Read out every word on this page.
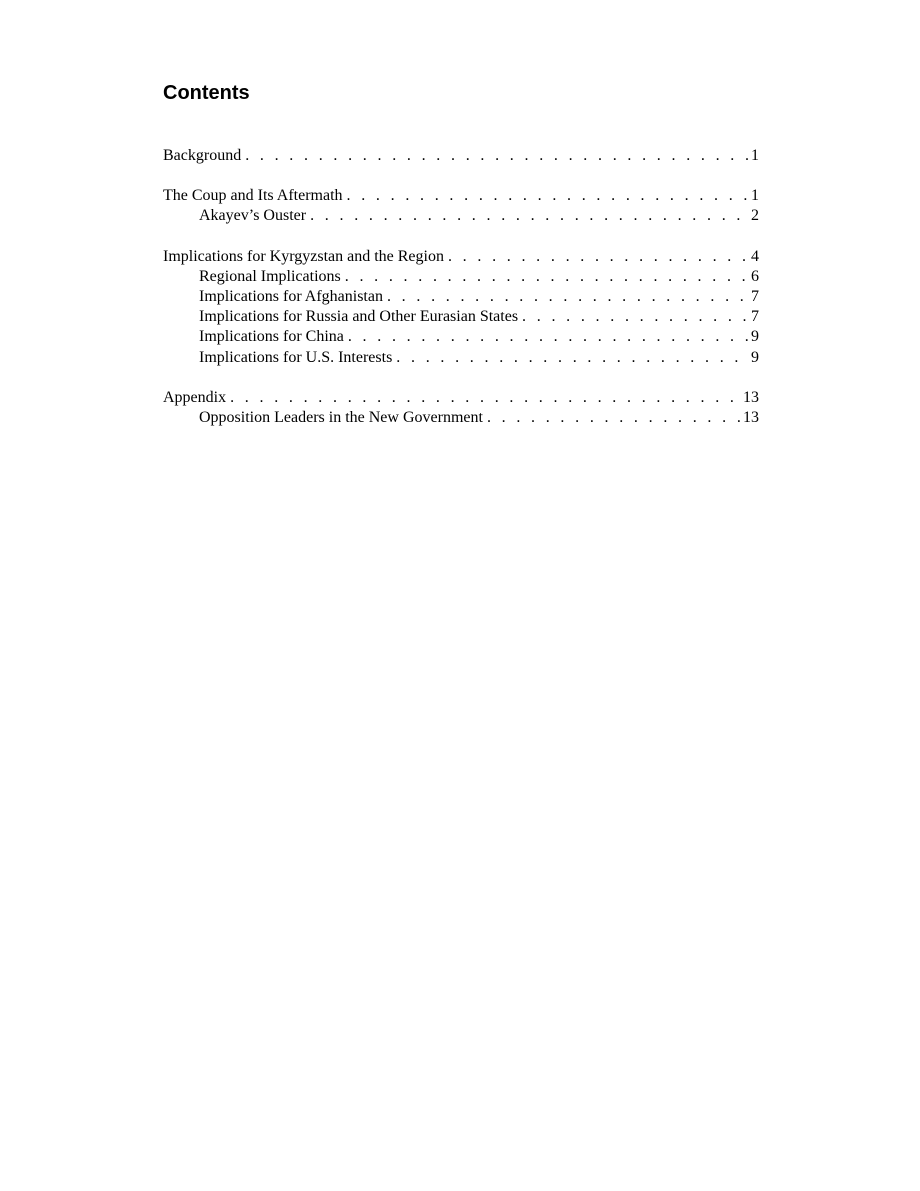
Contents
Background . . .	1
The Coup and Its Aftermath . . .	1
Akayev’s Ouster . . .	2
Implications for Kyrgyzstan and the Region . . .	4
Regional Implications . . .	6
Implications for Afghanistan . . .	7
Implications for Russia and Other Eurasian States . . .	7
Implications for China . . .	9
Implications for U.S. Interests . . .	9
Appendix . . .	13
Opposition Leaders in the New Government . . .	13
